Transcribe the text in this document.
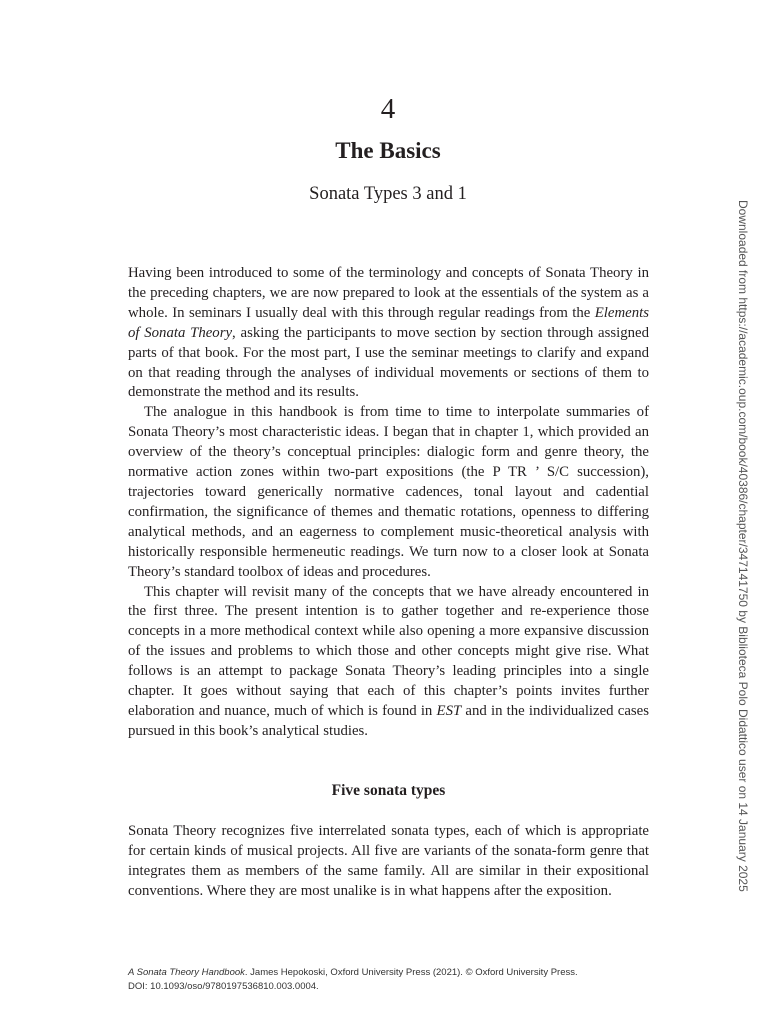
4
The Basics
Sonata Types 3 and 1

Having been introduced to some of the terminology and concepts of Sonata Theory in the preceding chapters, we are now prepared to look at the essentials of the system as a whole. In seminars I usually deal with this through regular readings from the Elements of Sonata Theory, asking the participants to move section by section through assigned parts of that book. For the most part, I use the seminar meetings to clarify and expand on that reading through the analyses of individual movements or sections of them to demonstrate the method and its results.

The analogue in this handbook is from time to time to interpolate summaries of Sonata Theory’s most characteristic ideas. I began that in chapter 1, which provided an overview of the theory’s conceptual principles: dialogic form and genre theory, the normative action zones within two-part expositions (the P TR ’ S/C succession), trajectories toward generically normative cadences, tonal layout and cadential confirmation, the significance of themes and thematic rotations, openness to differing analytical methods, and an eagerness to complement music-theoretical analysis with historically responsible hermeneutic readings. We turn now to a closer look at Sonata Theory’s standard toolbox of ideas and procedures.

This chapter will revisit many of the concepts that we have already encountered in the first three. The present intention is to gather together and re-experience those concepts in a more methodical context while also opening a more expansive discussion of the issues and problems to which those and other concepts might give rise. What follows is an attempt to package Sonata Theory’s leading principles into a single chapter. It goes without saying that each of this chapter’s points invites further elaboration and nuance, much of which is found in EST and in the individualized cases pursued in this book’s analytical studies.

Five sonata types

Sonata Theory recognizes five interrelated sonata types, each of which is appropriate for certain kinds of musical projects. All five are variants of the sonata-form genre that integrates them as members of the same family. All are similar in their expositional conventions. Where they are most unalike is in what happens after the exposition.

A Sonata Theory Handbook. James Hepokoski, Oxford University Press (2021). © Oxford University Press.
DOI: 10.1093/oso/9780197536810.003.0004.
Downloaded from https://academic.oup.com/book/40386/chapter/347141750 by Biblioteca Polo Didattico user on 14 January 2025
